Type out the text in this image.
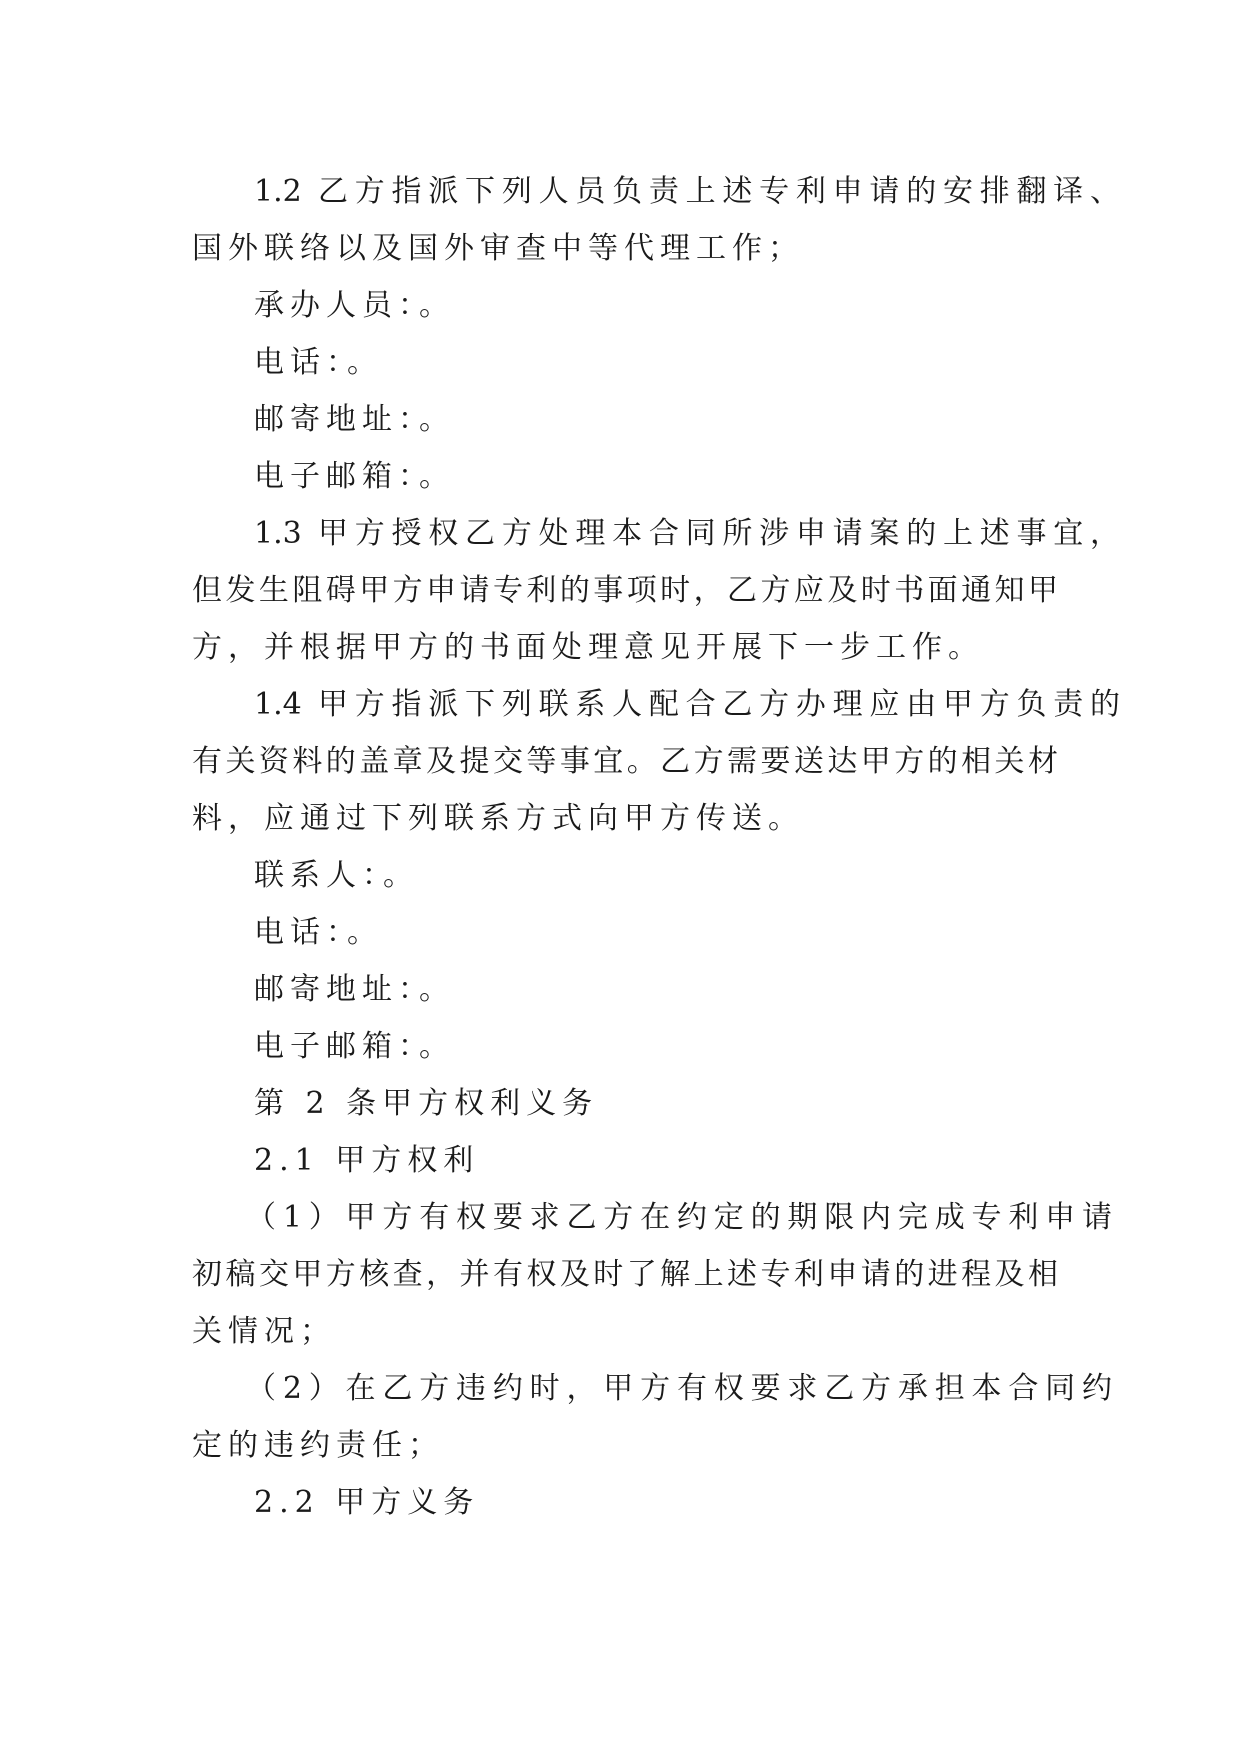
1.2 乙方指派下列人员负责上述专利申请的安排翻译、
国外联络以及国外审查中等代理工作；
承办人员：。
电话：。
邮寄地址：。
电子邮箱：。
1.3 甲方授权乙方处理本合同所涉申请案的上述事宜，
但发生阻碍甲方申请专利的事项时，乙方应及时书面通知甲
方，并根据甲方的书面处理意见开展下一步工作。
1.4 甲方指派下列联系人配合乙方办理应由甲方负责的
有关资料的盖章及提交等事宜。乙方需要送达甲方的相关材
料，应通过下列联系方式向甲方传送。
联系人：。
电话：。
邮寄地址：。
电子邮箱：。
第 2 条甲方权利义务
2.1 甲方权利
（1）甲方有权要求乙方在约定的期限内完成专利申请
初稿交甲方核查，并有权及时了解上述专利申请的进程及相
关情况；
（2）在乙方违约时，甲方有权要求乙方承担本合同约
定的违约责任；
2.2 甲方义务
